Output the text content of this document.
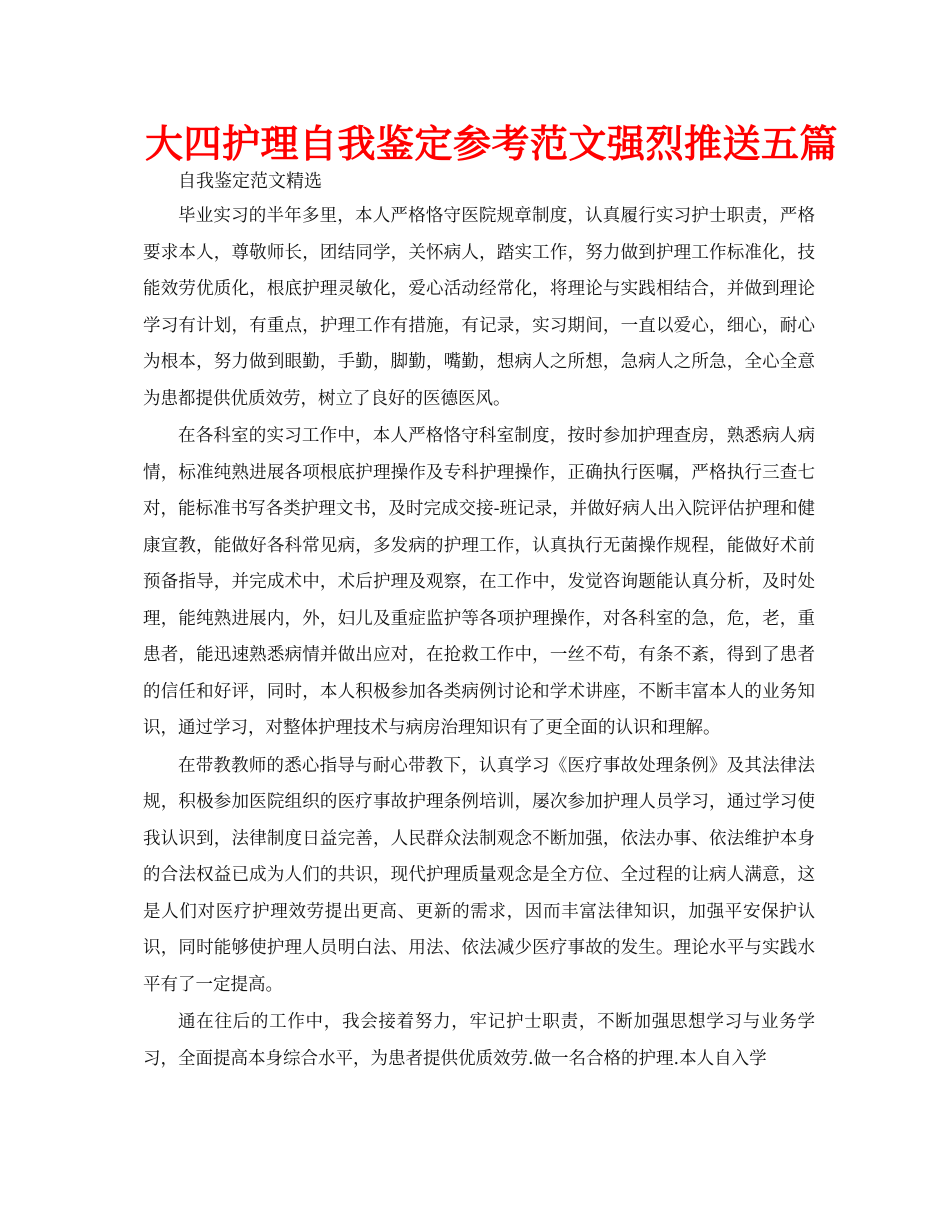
大四护理自我鉴定参考范文强烈推送五篇

自我鉴定范文精选

毕业实习的半年多里，本人严格恪守医院规章制度，认真履行实习护士职责，严格要求本人，尊敬师长，团结同学，关怀病人，踏实工作，努力做到护理工作标准化，技能效劳优质化，根底护理灵敏化，爱心活动经常化，将理论与实践相结合，并做到理论学习有计划，有重点，护理工作有措施，有记录，实习期间，一直以爱心，细心，耐心为根本，努力做到眼勤，手勤，脚勤，嘴勤，想病人之所想，急病人之所急，全心全意为患都提供优质效劳，树立了良好的医德医风。

在各科室的实习工作中，本人严格恪守科室制度，按时参加护理查房，熟悉病人病情，标准纯熟进展各项根底护理操作及专科护理操作，正确执行医嘱，严格执行三查七对，能标准书写各类护理文书，及时完成交接-班记录，并做好病人出入院评估护理和健康宣教，能做好各科常见病，多发病的护理工作，认真执行无菌操作规程，能做好术前预备指导，并完成术中，术后护理及观察，在工作中，发觉咨询题能认真分析，及时处理，能纯熟进展内，外，妇儿及重症监护等各项护理操作，对各科室的急，危，老，重患者，能迅速熟悉病情并做出应对，在抢救工作中，一丝不苟，有条不紊，得到了患者的信任和好评，同时，本人积极参加各类病例讨论和学术讲座，不断丰富本人的业务知识，通过学习，对整体护理技术与病房治理知识有了更全面的认识和理解。

在带教教师的悉心指导与耐心带教下，认真学习《医疗事故处理条例》及其法律法规，积极参加医院组织的医疗事故护理条例培训，屡次参加护理人员学习，通过学习使我认识到，法律制度日益完善，人民群众法制观念不断加强，依法办事、依法维护本身的合法权益已成为人们的共识，现代护理质量观念是全方位、全过程的让病人满意，这是人们对医疗护理效劳提出更高、更新的需求，因而丰富法律知识，加强平安保护认识，同时能够使护理人员明白法、用法、依法减少医疗事故的发生。理论水平与实践水平有了一定提高。

通在往后的工作中，我会接着努力，牢记护士职责，不断加强思想学习与业务学习，全面提高本身综合水平，为患者提供优质效劳.做一名合格的护理.本人自入学
